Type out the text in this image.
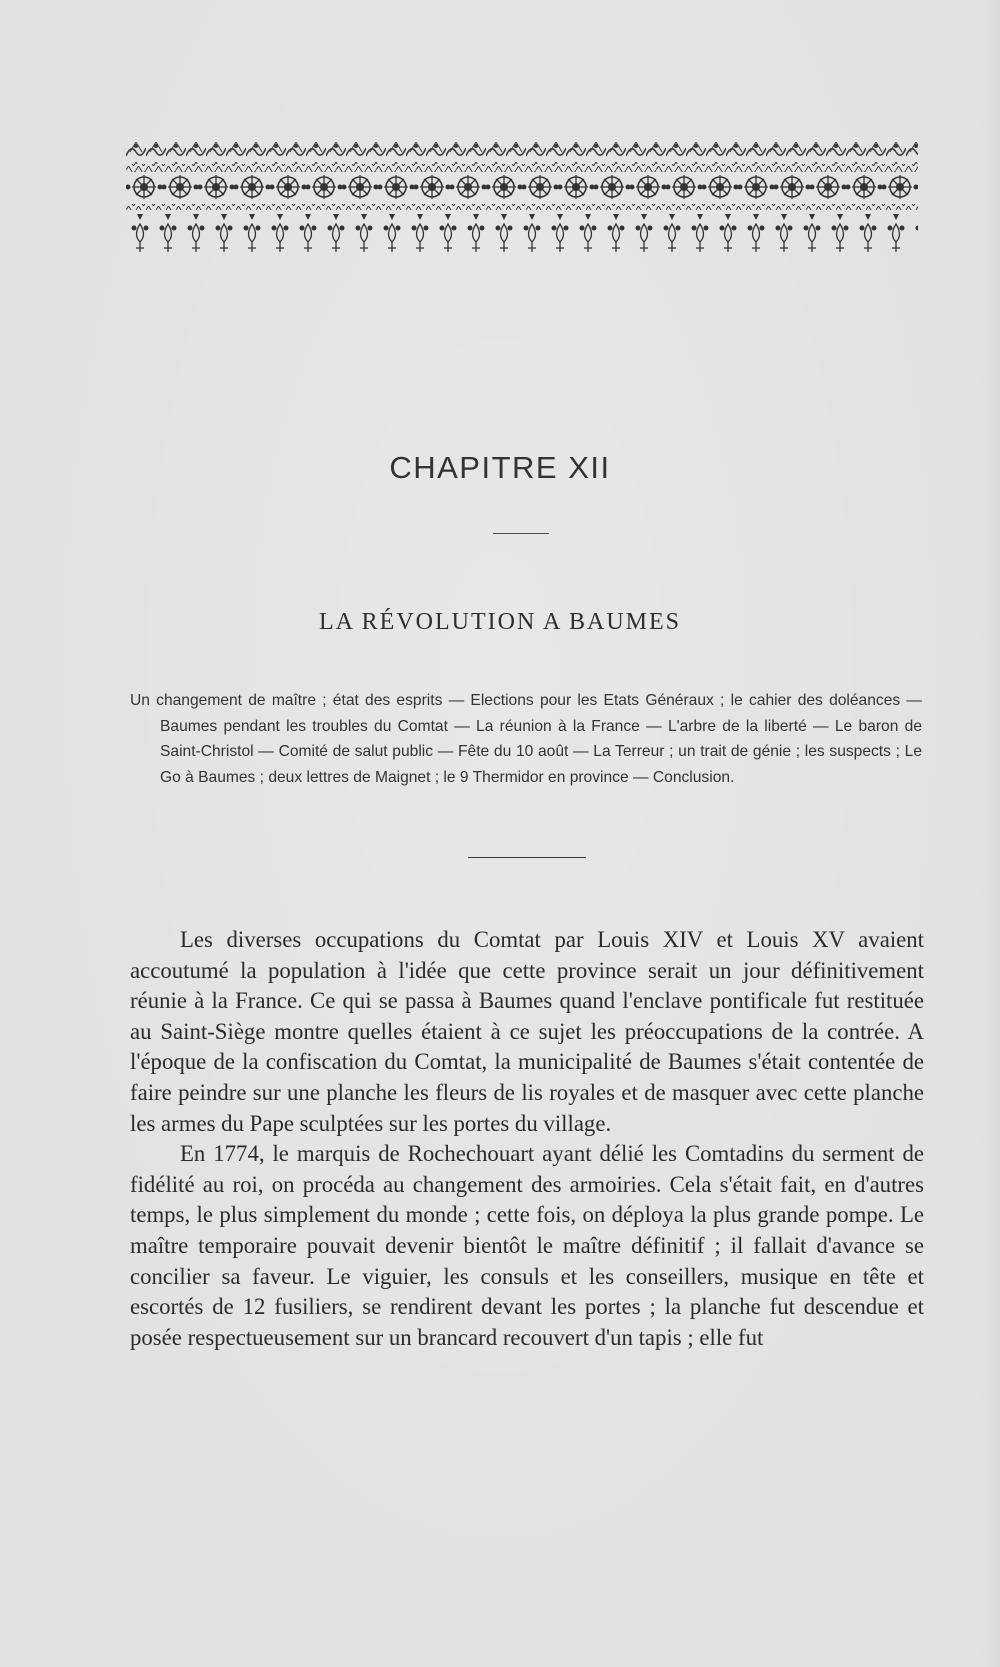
CHAPITRE XII
LA RÉVOLUTION A BAUMES

Un changement de maître ; état des esprits — Elections pour les Etats Généraux ; le cahier des doléances — Baumes pendant les troubles du Comtat — La réunion à la France — L'arbre de la liberté — Le baron de Saint-Christol — Comité de salut public — Fête du 10 août — La Terreur ; un trait de génie ; les suspects ; Le Go à Baumes ; deux lettres de Maignet ; le 9 Thermidor en province — Conclusion.

Les diverses occupations du Comtat par Louis XIV et Louis XV avaient accoutumé la population à l'idée que cette province serait un jour définitivement réunie à la France. Ce qui se passa à Baumes quand l'enclave pontificale fut restituée au Saint-Siège montre quelles étaient à ce sujet les préoccupations de la contrée. A l'époque de la confiscation du Comtat, la municipalité de Baumes s'était contentée de faire peindre sur une planche les fleurs de lis royales et de masquer avec cette planche les armes du Pape sculptées sur les portes du village.

En 1774, le marquis de Rochechouart ayant délié les Comtadins du serment de fidélité au roi, on procéda au changement des armoiries. Cela s'était fait, en d'autres temps, le plus simplement du monde ; cette fois, on déploya la plus grande pompe. Le maître temporaire pouvait devenir bientôt le maître définitif ; il fallait d'avance se concilier sa faveur. Le viguier, les consuls et les conseillers, musique en tête et escortés de 12 fusiliers, se rendirent devant les portes ; la planche fut descendue et posée respectueusement sur un brancard recouvert d'un tapis ; elle fut
